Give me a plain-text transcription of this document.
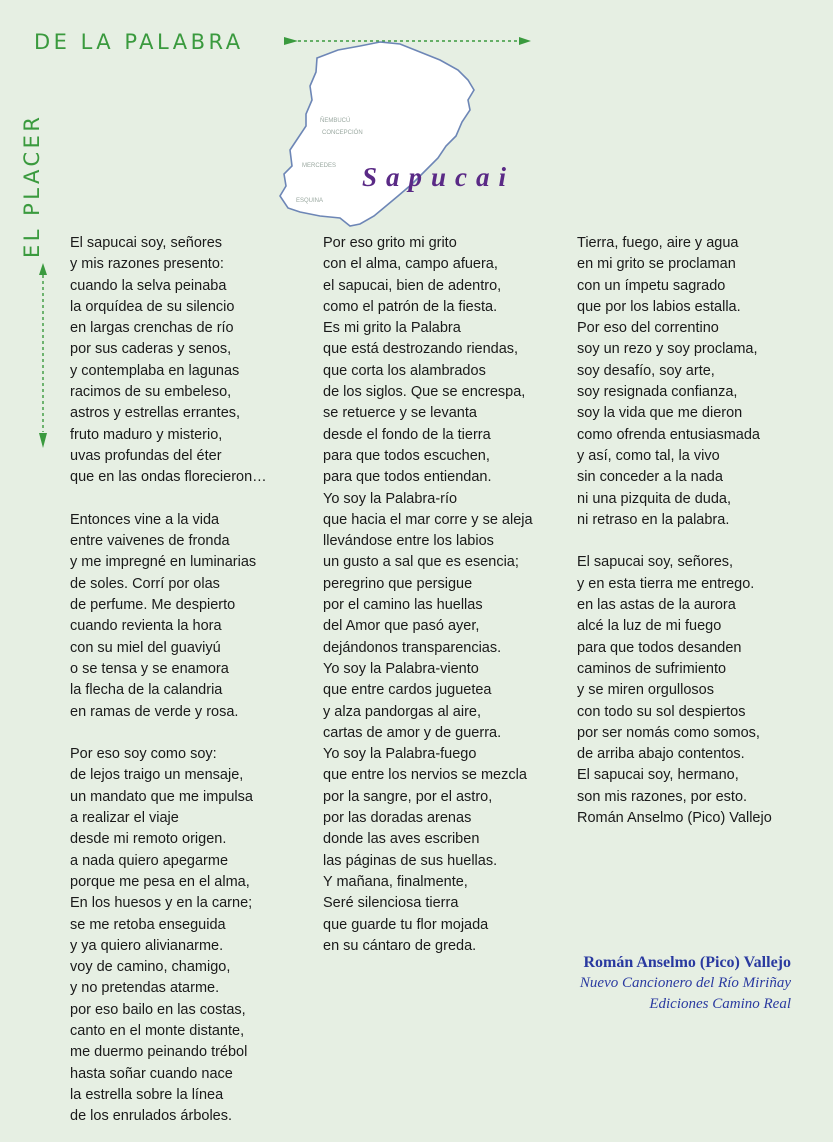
DE LA PALABRA
EL PLACER	ÑEMBUCÚ
CONCEPCIÓN
MERCEDES
ESQUINA
Sapucai
El sapucai soy, señores
y mis razones presento:
cuando la selva peinaba
la orquídea de su silencio
en largas crenchas de río
por sus caderas y senos,
y contemplaba en lagunas
racimos de su embeleso,
astros y estrellas errantes,
fruto maduro y misterio,
uvas profundas del éter
que en las ondas florecieron…
Entonces vine a la vida
entre vaivenes de fronda
y me impregné en luminarias
de soles. Corrí por olas
de perfume. Me despierto
cuando revienta la hora
con su miel del guaviyú
o se tensa y se enamora
la flecha de la calandria
en ramas de verde y rosa.
Por eso soy como soy:
de lejos traigo un mensaje,
un mandato que me impulsa
a realizar el viaje
desde mi remoto origen.
a nada quiero apegarme
porque me pesa en el alma,
En los huesos y en la carne;
se me retoba enseguida
y ya quiero alivianarme.
voy de camino, chamigo,
y no pretendas atarme.
por eso bailo en las costas,
canto en el monte distante,
me duermo peinando trébol
hasta soñar cuando nace
la estrella sobre la línea
de los enrulados árboles.
Por eso grito mi grito
con el alma, campo afuera,
el sapucai, bien de adentro,
como el patrón de la fiesta.
Es mi grito la Palabra
que está destrozando riendas,
que corta los alambrados
de los siglos. Que se encrespa,
se retuerce y se levanta
desde el fondo de la tierra
para que todos escuchen,
para que todos entiendan.
Yo soy la Palabra-río
que hacia el mar corre y se aleja
llevándose entre los labios
un gusto a sal que es esencia;
peregrino que persigue
por el camino las huellas
del Amor que pasó ayer,
dejándonos transparencias.
Yo soy la Palabra-viento
que entre cardos juguetea
y alza pandorgas al aire,
cartas de amor y de guerra.
Yo soy la Palabra-fuego
que entre los nervios se mezcla
por la sangre, por el astro,
por las doradas arenas
donde las aves escriben
las páginas de sus huellas.
Y mañana, finalmente,
Seré silenciosa tierra
que guarde tu flor mojada
en su cántaro de greda.
Tierra, fuego, aire y agua
en mi grito se proclaman
con un ímpetu sagrado
que por los labios estalla.
Por eso del correntino
soy un rezo y soy proclama,
soy desafío, soy arte,
soy resignada confianza,
soy la vida que me dieron
como ofrenda entusiasmada
y así, como tal, la vivo
sin conceder a la nada
ni una pizquita de duda,
ni retraso en la palabra.
El sapucai soy, señores,
y en esta tierra me entrego.
en las astas de la aurora
alcé la luz de mi fuego
para que todos desanden
caminos de sufrimiento
y se miren orgullosos
con todo su sol despiertos
por ser nomás como somos,
de arriba abajo contentos.
El sapucai soy, hermano,
son mis razones, por esto.
Román Anselmo (Pico) Vallejo
Román Anselmo (Pico) Vallejo
Nuevo Cancionero del Río Miriñay
Ediciones Camino Real
